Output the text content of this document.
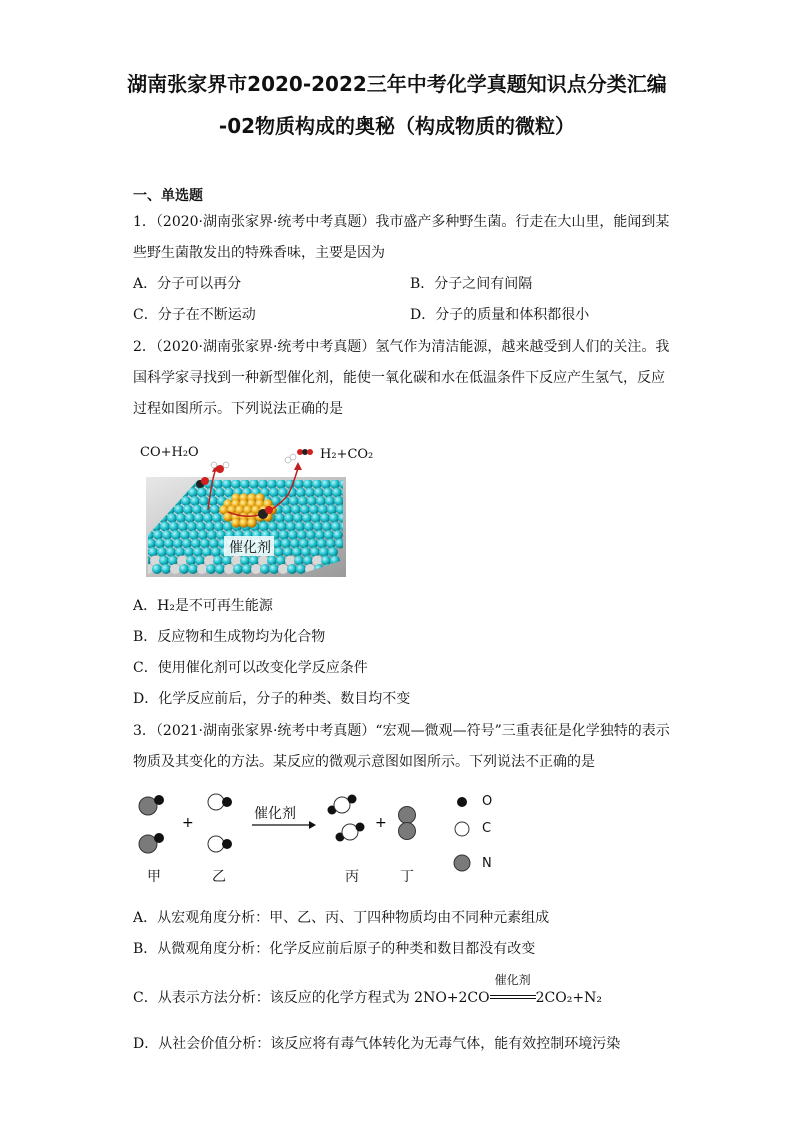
湖南张家界市2020-2022三年中考化学真题知识点分类汇编
-02物质构成的奥秘（构成物质的微粒）
一、单选题
1．（2020·湖南张家界·统考中考真题）我市盛产多种野生菌。行走在大山里，能闻到某
些野生菌散发出的特殊香味，主要是因为
A．分子可以再分	B．分子之间有间隔
C．分子在不断运动	D．分子的质量和体积都很小
2．（2020·湖南张家界·统考中考真题）氢气作为清洁能源，越来越受到人们的关注。我
国科学家寻找到一种新型催化剂，能使一氧化碳和水在低温条件下反应产生氢气，反应
过程如图所示。下列说法正确的是
CO+H₂O	H₂+CO₂
催化剂
A．H₂是不可再生能源
B．反应物和生成物均为化合物
C．使用催化剂可以改变化学反应条件
D．化学反应前后，分子的种类、数目均不变
3．（2021·湖南张家界·统考中考真题）“宏观—微观—符号”三重表征是化学独特的表示
物质及其变化的方法。某反应的微观示意图如图所示。下列说法不正确的是
+	+
催化剂
甲	乙	丙	丁
O
C
N
A．从宏观角度分析：甲、乙、丙、丁四种物质均由不同种元素组成
B．从微观角度分析：化学反应前后原子的种类和数目都没有改变
C．从表示方法分析：该反应的化学方程式为 2NO+2CO
催化剂
2CO₂+N₂
D．从社会价值分析：该反应将有毒气体转化为无毒气体，能有效控制环境污染
